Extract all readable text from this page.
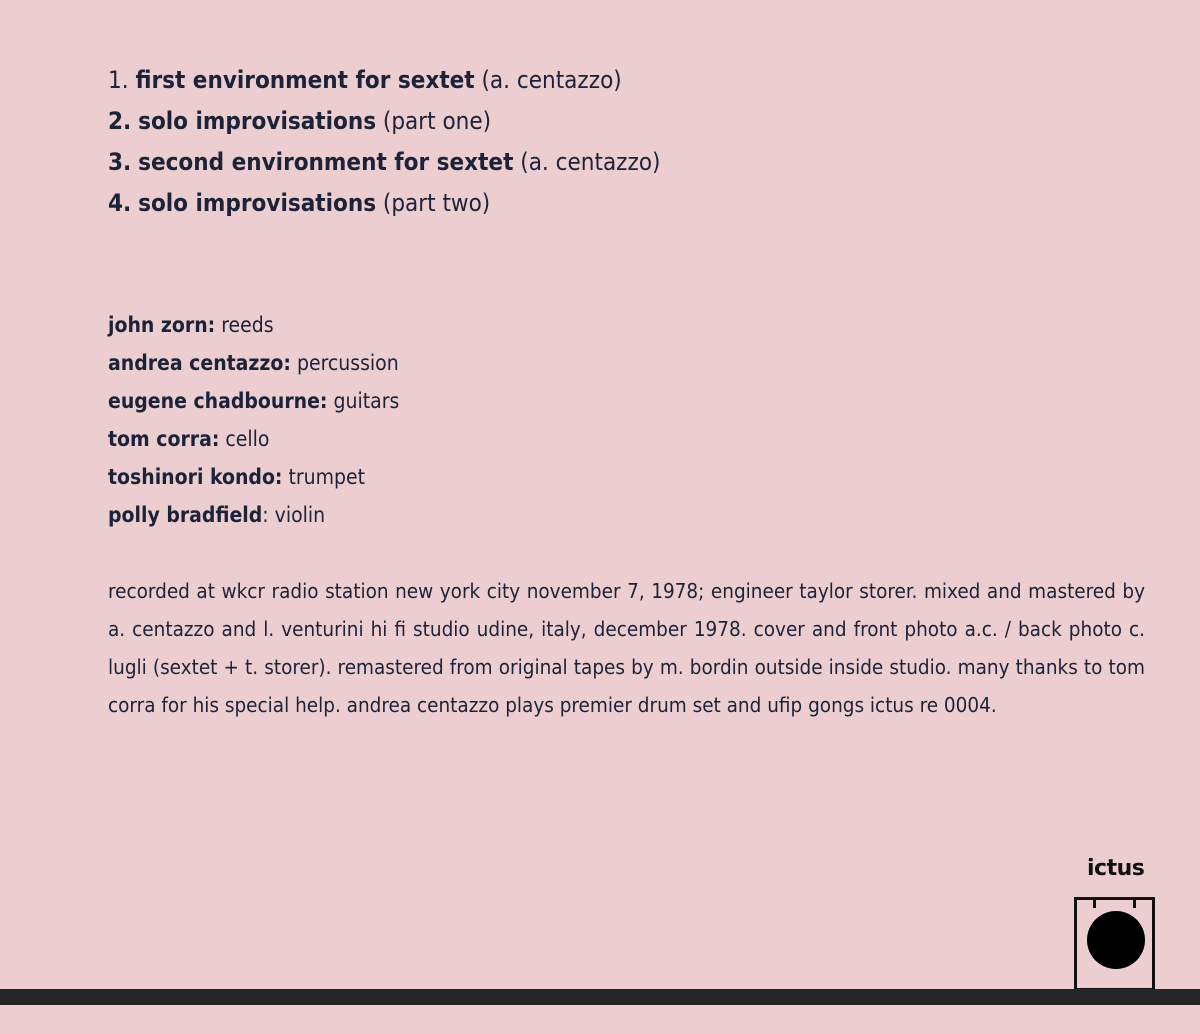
1. first environment for sextet (a. centazzo)
2. solo improvisations (part one)
3. second environment for sextet (a. centazzo)
4. solo improvisations (part two)
john zorn: reeds
andrea centazzo: percussion
eugene chadbourne: guitars
tom corra: cello
toshinori kondo: trumpet
polly bradfield: violin

recorded at wkcr radio station new york city november 7, 1978; engineer taylor storer. mixed and mastered by a. centazzo and l. venturini hi fi studio udine, italy, december 1978. cover and front photo a.c. / back photo c. lugli (sextet + t. storer). remastered from original tapes by m. bordin outside inside studio. many thanks to tom corra for his special help. andrea centazzo plays premier drum set and ufip gongs ictus re 0004.

ictus
